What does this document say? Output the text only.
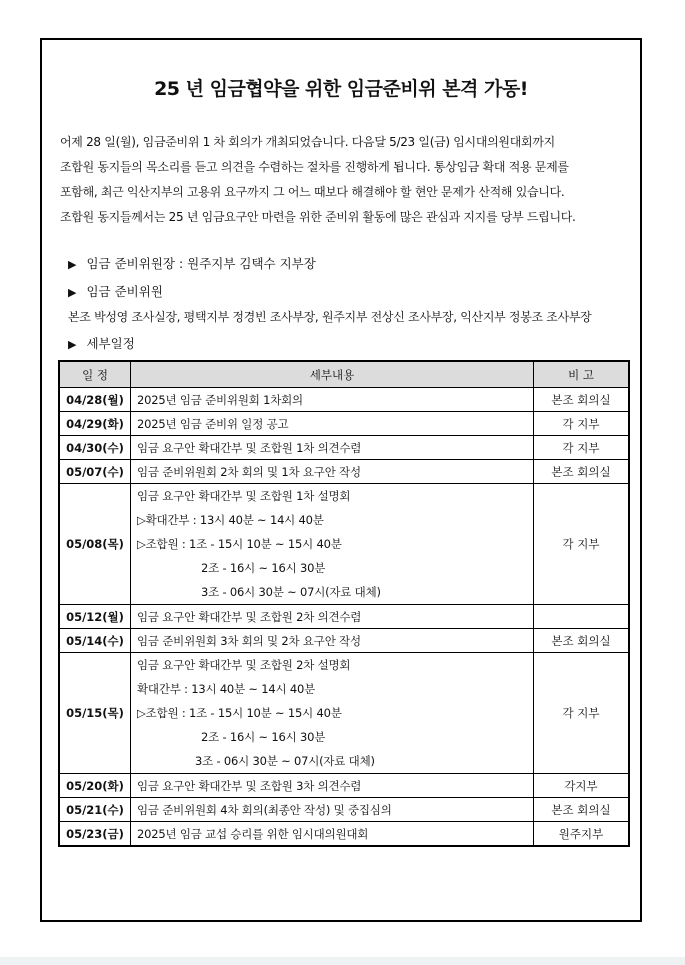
25 년 임금협약을 위한 임금준비위 본격 가동!

어제 28 일(월), 임금준비위 1 차 회의가 개최되었습니다. 다음달 5/23 일(금) 임시대의원대회까지

조합원 동지들의 목소리를 듣고 의견을 수렴하는 절차를 진행하게 됩니다. 통상임금 확대 적용 문제를

포함해, 최근 익산지부의 고용위 요구까지 그 어느 때보다 해결해야 할 현안 문제가 산적해 있습니다.

조합원 동지들께서는 25 년 임금요구안 마련을 위한 준비위 활동에 많은 관심과 지지를 당부 드립니다.

▶ 임금 준비위원장 : 원주지부 김택수 지부장
▶ 임금 준비위원
본조 박성영 조사실장, 평택지부 정경빈 조사부장, 원주지부 전상신 조사부장, 익산지부 정봉조 조사부장
▶ 세부일정
일 정	세부내용	비 고
04/28(월)	2025년 임금 준비위원회 1차회의	본조 회의실
04/29(화)	2025년 임금 준비위 일정 공고	각 지부
04/30(수)	임금 요구안 확대간부 및 조합원 1차 의견수렴	각 지부
05/07(수)	임금 준비위원회 2차 회의 및 1차 요구안 작성	본조 회의실
05/08(목)	임금 요구안 확대간부 및 조합원 1차 설명회
▷확대간부 : 13시 40분 ~ 14시 40분
▷조합원 : 1조 - 15시 10분 ~ 15시 40분
2조 - 16시 ~ 16시 30분
3조 - 06시 30분 ~ 07시(자료 대체)	각 지부
05/12(월)	임금 요구안 확대간부 및 조합원 2차 의견수렴	
05/14(수)	임금 준비위원회 3차 회의 및 2차 요구안 작성	본조 회의실
05/15(목)	임금 요구안 확대간부 및 조합원 2차 설명회
확대간부 : 13시 40분 ~ 14시 40분
▷조합원 : 1조 - 15시 10분 ~ 15시 40분
2조 - 16시 ~ 16시 30분
3조 - 06시 30분 ~ 07시(자료 대체)	각 지부
05/20(화)	임금 요구안 확대간부 및 조합원 3차 의견수렴	각지부
05/21(수)	임금 준비위원회 4차 회의(최종안 작성) 및 중집심의	본조 회의실
05/23(금)	2025년 임금 교섭 승리를 위한 임시대의원대회	원주지부
